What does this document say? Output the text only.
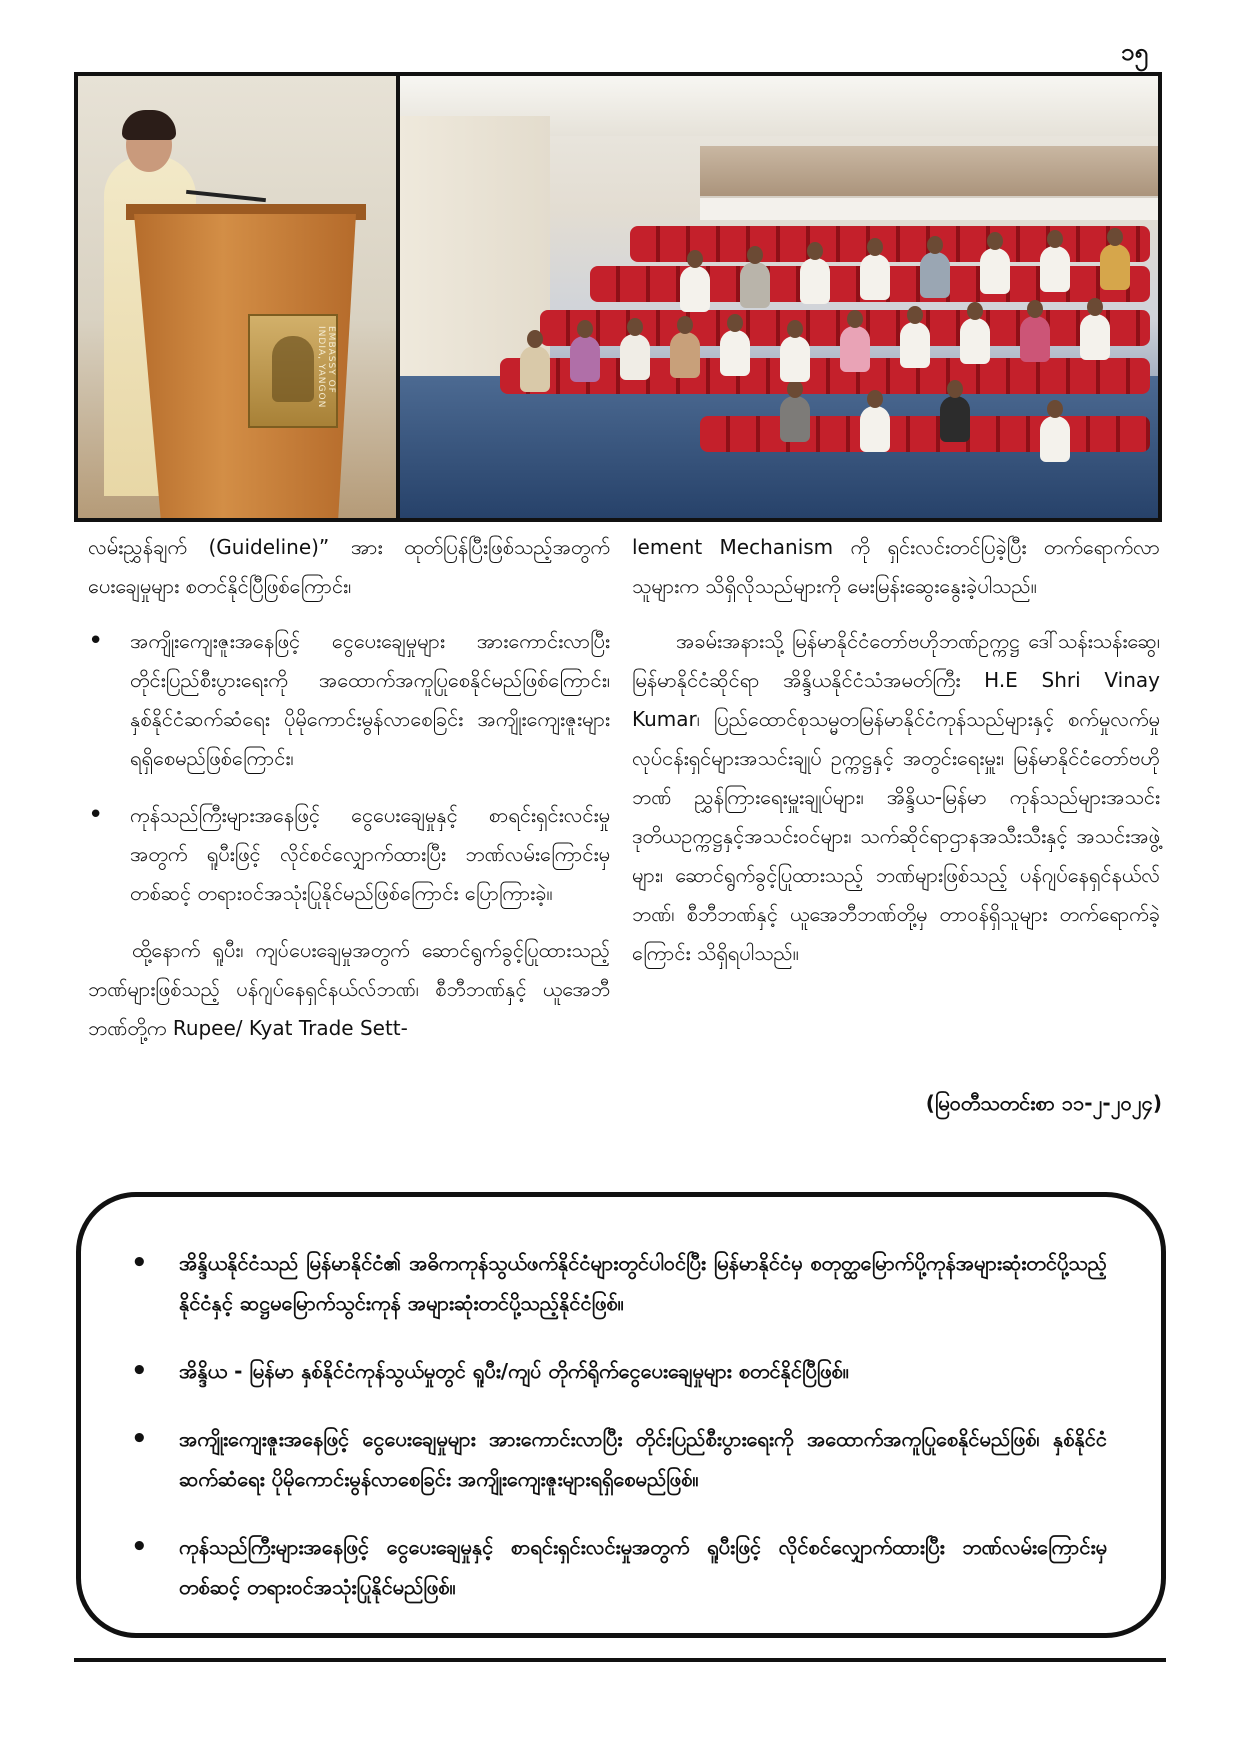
၁၅
EMBASSY OF INDIA, YANGON

လမ်းညွှန်ချက် (Guideline)” အား ထုတ်ပြန်ပြီးဖြစ်သည့်အတွက် ပေးချေမှုများ စတင်နိုင်ပြီဖြစ်ကြောင်း၊

• အကျိုးကျေးဇူးအနေဖြင့် ငွေပေးချေမှုများ အားကောင်းလာပြီး တိုင်းပြည်စီးပွားရေးကို အထောက်အကူပြုစေနိုင်မည်ဖြစ်ကြောင်း၊ နှစ်နိုင်ငံဆက်ဆံရေး ပိုမိုကောင်းမွန်လာစေခြင်း အကျိုးကျေးဇူးများရရှိစေမည်ဖြစ်ကြောင်း၊
• ကုန်သည်ကြီးများအနေဖြင့် ငွေပေးချေမှုနှင့် စာရင်းရှင်းလင်းမှုအတွက် ရူပီးဖြင့် လိုင်စင်လျှောက်ထားပြီး ဘဏ်လမ်းကြောင်းမှတစ်ဆင့် တရားဝင်အသုံးပြုနိုင်မည်ဖြစ်ကြောင်း ပြောကြားခဲ့။

ထို့နောက် ရူပီး၊ ကျပ်ပေးချေမှုအတွက် ဆောင်ရွက်ခွင့်ပြုထားသည့်ဘဏ်များဖြစ်သည့် ပန်ဂျပ်နေရှင်နယ်လ်ဘဏ်၊ စီဘီဘဏ်နှင့် ယူအေဘီဘဏ်တို့က Rupee/ Kyat Trade Sett-

lement Mechanism ကို ရှင်းလင်းတင်ပြခဲ့ပြီး တက်ရောက်လာသူများက သိရှိလိုသည်များကို မေးမြန်းဆွေးနွေးခဲ့ပါသည်။

အခမ်းအနားသို့ မြန်မာနိုင်ငံတော်ဗဟိုဘဏ်ဥက္ကဋ္ဌ ဒေါ်သန်းသန်းဆွေ၊ မြန်မာနိုင်ငံဆိုင်ရာ အိန္ဒိယနိုင်ငံသံအမတ်ကြီး H.E Shri Vinay Kumar၊ ပြည်ထောင်စုသမ္မတမြန်မာနိုင်ငံကုန်သည်များနှင့် စက်မှုလက်မှုလုပ်ငန်းရှင်များအသင်းချုပ် ဥက္ကဋ္ဌနှင့် အတွင်းရေးမှူး၊ မြန်မာနိုင်ငံတော်ဗဟိုဘဏ် ညွှန်ကြားရေးမှူးချုပ်များ၊ အိန္ဒိယ-မြန်မာ ကုန်သည်များအသင်း ဒုတိယဥက္ကဋ္ဌနှင့်အသင်းဝင်များ၊ သက်ဆိုင်ရာဌာနအသီးသီးနှင့် အသင်းအဖွဲ့များ၊ ဆောင်ရွက်ခွင့်ပြုထားသည့် ဘဏ်များဖြစ်သည့် ပန်ဂျပ်နေရှင်နယ်လ်ဘဏ်၊ စီဘီဘဏ်နှင့် ယူအေဘီဘဏ်တို့မှ တာဝန်ရှိသူများ တက်ရောက်ခဲ့ကြောင်း သိရှိရပါသည်။

(မြဝတီသတင်းစာ ၁၁-၂-၂၀၂၄)
• အိန္ဒိယနိုင်ငံသည် မြန်မာနိုင်ငံ၏ အဓိကကုန်သွယ်ဖက်နိုင်ငံများတွင်ပါဝင်ပြီး မြန်မာနိုင်ငံမှ စတုတ္ထမြောက်ပို့ကုန်အများဆုံးတင်ပို့သည့်နိုင်ငံနှင့် ဆဋ္ဌမမြောက်သွင်းကုန် အများဆုံးတင်ပို့သည့်နိုင်ငံဖြစ်။
• အိန္ဒိယ - မြန်မာ နှစ်နိုင်ငံကုန်သွယ်မှုတွင် ရူပီး/ကျပ် တိုက်ရိုက်ငွေပေးချေမှုများ စတင်နိုင်ပြီဖြစ်။
• အကျိုးကျေးဇူးအနေဖြင့် ငွေပေးချေမှုများ အားကောင်းလာပြီး တိုင်းပြည်စီးပွားရေးကို အထောက်အကူပြုစေနိုင်မည်ဖြစ်၊ နှစ်နိုင်ငံဆက်ဆံရေး ပိုမိုကောင်းမွန်လာစေခြင်း အကျိုးကျေးဇူးများရရှိစေမည်ဖြစ်။
• ကုန်သည်ကြီးများအနေဖြင့် ငွေပေးချေမှုနှင့် စာရင်းရှင်းလင်းမှုအတွက် ရူပီးဖြင့် လိုင်စင်လျှောက်ထားပြီး ဘဏ်လမ်းကြောင်းမှတစ်ဆင့် တရားဝင်အသုံးပြုနိုင်မည်ဖြစ်။
